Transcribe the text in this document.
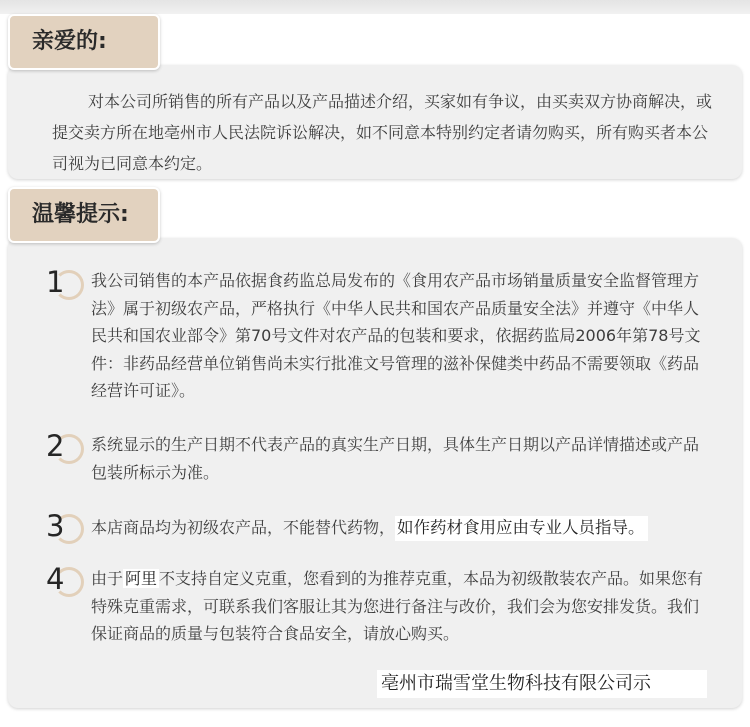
亲爱的:

对本公司所销售的所有产品以及产品描述介绍，买家如有争议，由买卖双方协商解决，或提交卖方所在地亳州市人民法院诉讼解决，如不同意本特别约定者请勿购买，所有购买者本公司视为已同意本约定。

温馨提示:
1 我公司销售的本产品依据食药监总局发布的《食用农产品市场销量质量安全监督管理方法》属于初级农产品，严格执行《中华人民共和国农产品质量安全法》并遵守《中华人民共和国农业部令》第70号文件对农产品的包装和要求，依据药监局2006年第78号文件：非药品经营单位销售尚未实行批准文号管理的滋补保健类中药品不需要领取《药品经营许可证》。

2 系统显示的生产日期不代表产品的真实生产日期，具体生产日期以产品详情描述或产品包装所标示为准。

3 本店商品均为初级农产品，不能替代药物， 如作药材食用应由专业人员指导。

4 由于 阿里 不支持自定义克重，您看到的为推荐克重，本品为初级散装农产品。如果您有特殊克重需求，可联系我们客服让其为您进行备注与改价，我们会为您安排发货。我们保证商品的质量与包装符合食品安全，请放心购买。

亳州市瑞雪堂生物科技有限公司示
